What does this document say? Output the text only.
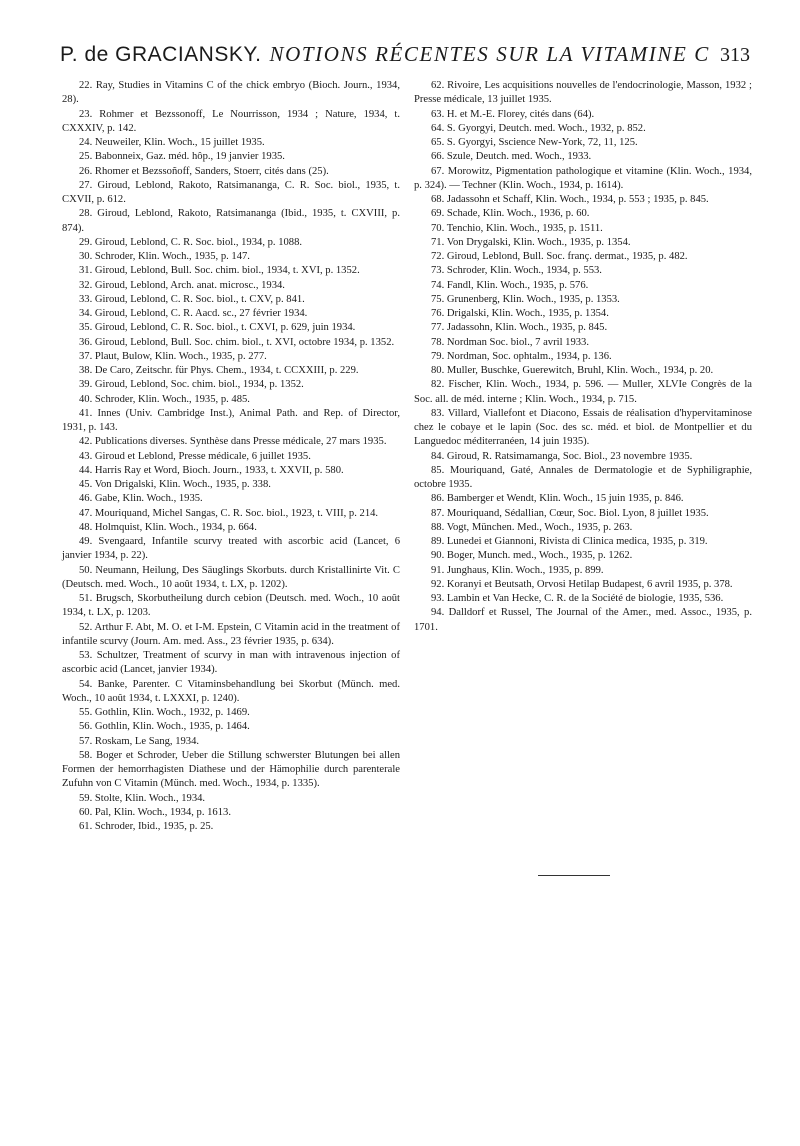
P. de GRACIANSKY. NOTIONS RÉCENTES SUR LA VITAMINE C 313

22. Ray, Studies in Vitamins C of the chick embryo (Bioch. Journ., 1934, 28).

23. Rohmer et Bezssonoff, Le Nourrisson, 1934 ; Nature, 1934, t. CXXXIV, p. 142.

24. Neuweiler, Klin. Woch., 15 juillet 1935.

25. Babonneix, Gaz. méd. hôp., 19 janvier 1935.

26. Rhomer et Bezssoñoff, Sanders, Stoerr, cités dans (25).

27. Giroud, Leblond, Rakoto, Ratsimananga, C. R. Soc. biol., 1935, t. CXVII, p. 612.

28. Giroud, Leblond, Rakoto, Ratsimananga (Ibid., 1935, t. CXVIII, p. 874).

29. Giroud, Leblond, C. R. Soc. biol., 1934, p. 1088.

30. Schroder, Klin. Woch., 1935, p. 147.

31. Giroud, Leblond, Bull. Soc. chim. biol., 1934, t. XVI, p. 1352.

32. Giroud, Leblond, Arch. anat. microsc., 1934.

33. Giroud, Leblond, C. R. Soc. biol., t. CXV, p. 841.

34. Giroud, Leblond, C. R. Aacd. sc., 27 février 1934.

35. Giroud, Leblond, C. R. Soc. biol., t. CXVI, p. 629, juin 1934.

36. Giroud, Leblond, Bull. Soc. chim. biol., t. XVI, octobre 1934, p. 1352.

37. Plaut, Bulow, Klin. Woch., 1935, p. 277.

38. De Caro, Zeitschr. für Phys. Chem., 1934, t. CCXXIII, p. 229.

39. Giroud, Leblond, Soc. chim. biol., 1934, p. 1352.

40. Schroder, Klin. Woch., 1935, p. 485.

41. Innes (Univ. Cambridge Inst.), Animal Path. and Rep. of Director, 1931, p. 143.

42. Publications diverses. Synthèse dans Presse médicale, 27 mars 1935.

43. Giroud et Leblond, Presse médicale, 6 juillet 1935.

44. Harris Ray et Word, Bioch. Journ., 1933, t. XXVII, p. 580.

45. Von Drigalski, Klin. Woch., 1935, p. 338.

46. Gabe, Klin. Woch., 1935.

47. Mouriquand, Michel Sangas, C. R. Soc. biol., 1923, t. VIII, p. 214.

48. Holmquist, Klin. Woch., 1934, p. 664.

49. Svengaard, Infantile scurvy treated with ascorbic acid (Lancet, 6 janvier 1934, p. 22).

50. Neumann, Heilung, Des Säuglings Skorbuts. durch Kristallinirte Vit. C (Deutsch. med. Woch., 10 août 1934, t. LX, p. 1202).

51. Brugsch, Skorbutheilung durch cebion (Deutsch. med. Woch., 10 août 1934, t. LX, p. 1203.

52. Arthur F. Abt, M. O. et I-M. Epstein, C Vitamin acid in the treatment of infantile scurvy (Journ. Am. med. Ass., 23 février 1935, p. 634).

53. Schultzer, Treatment of scurvy in man with intravenous injection of ascorbic acid (Lancet, janvier 1934).

54. Banke, Parenter. C Vitaminsbehandlung bei Skorbut (Münch. med. Woch., 10 août 1934, t. LXXXI, p. 1240).

55. Gothlin, Klin. Woch., 1932, p. 1469.

56. Gothlin, Klin. Woch., 1935, p. 1464.

57. Roskam, Le Sang, 1934.

58. Boger et Schroder, Ueber die Stillung schwerster Blutungen bei allen Formen der hemorrhagisten Diathese und der Hämophilie durch parenterale Zufuhn von C Vitamin (Münch. med. Woch., 1934, p. 1335).

59. Stolte, Klin. Woch., 1934.

60. Pal, Klin. Woch., 1934, p. 1613.

61. Schroder, Ibid., 1935, p. 25.

62. Rivoire, Les acquisitions nouvelles de l'endocrinologie, Masson, 1932 ; Presse médicale, 13 juillet 1935.

63. H. et M.-E. Florey, cités dans (64).

64. S. Gyorgyi, Deutch. med. Woch., 1932, p. 852.

65. S. Gyorgyi, Sscience New-York, 72, 11, 125.

66. Szule, Deutch. med. Woch., 1933.

67. Morowitz, Pigmentation pathologique et vitamine (Klin. Woch., 1934, p. 324). — Techner (Klin. Woch., 1934, p. 1614).

68. Jadassohn et Schaff, Klin. Woch., 1934, p. 553 ; 1935, p. 845.

69. Schade, Klin. Woch., 1936, p. 60.

70. Tenchio, Klin. Woch., 1935, p. 1511.

71. Von Drygalski, Klin. Woch., 1935, p. 1354.

72. Giroud, Leblond, Bull. Soc. franç. dermat., 1935, p. 482.

73. Schroder, Klin. Woch., 1934, p. 553.

74. Fandl, Klin. Woch., 1935, p. 576.

75. Grunenberg, Klin. Woch., 1935, p. 1353.

76. Drigalski, Klin. Woch., 1935, p. 1354.

77. Jadassohn, Klin. Woch., 1935, p. 845.

78. Nordman Soc. biol., 7 avril 1933.

79. Nordman, Soc. ophtalm., 1934, p. 136.

80. Muller, Buschke, Guerewitch, Bruhl, Klin. Woch., 1934, p. 20.

82. Fischer, Klin. Woch., 1934, p. 596. — Muller, XLVIe Congrès de la Soc. all. de méd. interne ; Klin. Woch., 1934, p. 715.

83. Villard, Viallefont et Diacono, Essais de réalisation d'hypervitaminose chez le cobaye et le lapin (Soc. des sc. méd. et biol. de Montpellier et du Languedoc méditerranéen, 14 juin 1935).

84. Giroud, R. Ratsimamanga, Soc. Biol., 23 novembre 1935.

85. Mouriquand, Gaté, Annales de Dermatologie et de Syphiligraphie, octobre 1935.

86. Bamberger et Wendt, Klin. Woch., 15 juin 1935, p. 846.

87. Mouriquand, Sédallian, Cœur, Soc. Biol. Lyon, 8 juillet 1935.

88. Vogt, München. Med., Woch., 1935, p. 263.

89. Lunedei et Giannoni, Rivista di Clinica medica, 1935, p. 319.

90. Boger, Munch. med., Woch., 1935, p. 1262.

91. Junghaus, Klin. Woch., 1935, p. 899.

92. Koranyi et Beutsath, Orvosi Hetilap Budapest, 6 avril 1935, p. 378.

93. Lambin et Van Hecke, C. R. de la Société de biologie, 1935, 536.

94. Dalldorf et Russel, The Journal of the Amer., med. Assoc., 1935, p. 1701.
